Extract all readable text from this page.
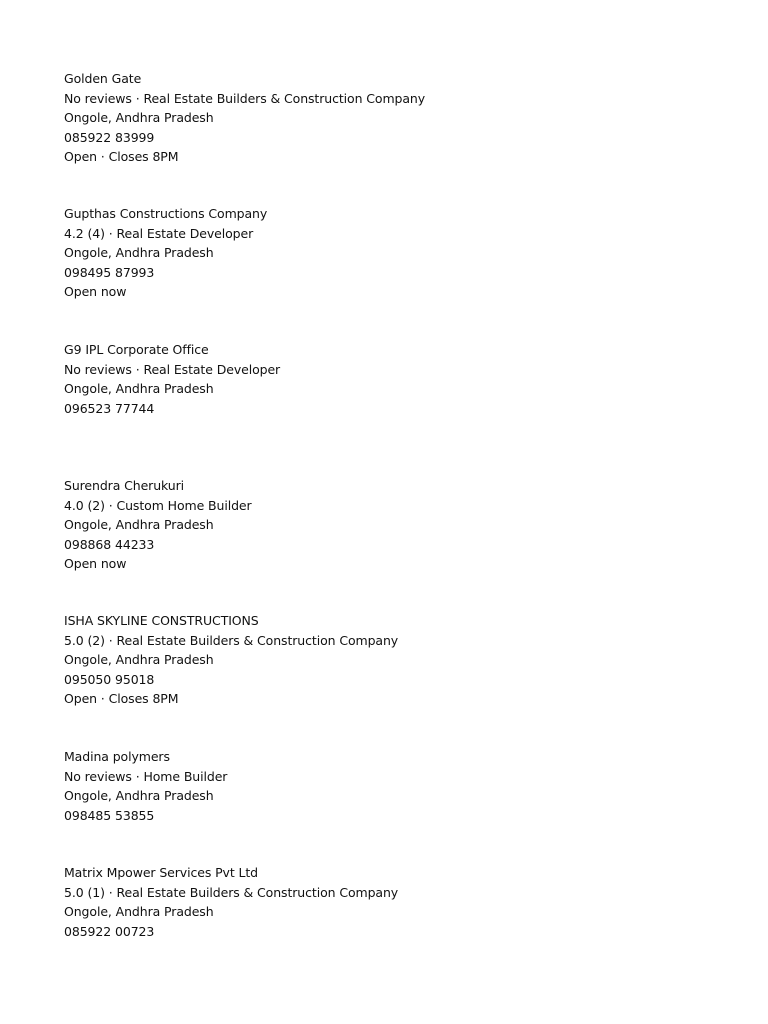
Golden Gate
No reviews · Real Estate Builders & Construction Company
Ongole, Andhra Pradesh
085922 83999
Open ⋅ Closes 8PM
Gupthas Constructions Company
4.2 (4) · Real Estate Developer
Ongole, Andhra Pradesh
098495 87993
Open now
G9 IPL Corporate Office
No reviews · Real Estate Developer
Ongole, Andhra Pradesh
096523 77744
Surendra Cherukuri
4.0 (2) · Custom Home Builder
Ongole, Andhra Pradesh
098868 44233
Open now
ISHA SKYLINE CONSTRUCTIONS
5.0 (2) · Real Estate Builders & Construction Company
Ongole, Andhra Pradesh
095050 95018
Open ⋅ Closes 8PM
Madina polymers
No reviews · Home Builder
Ongole, Andhra Pradesh
098485 53855
Matrix Mpower Services Pvt Ltd
5.0 (1) · Real Estate Builders & Construction Company
Ongole, Andhra Pradesh
085922 00723
